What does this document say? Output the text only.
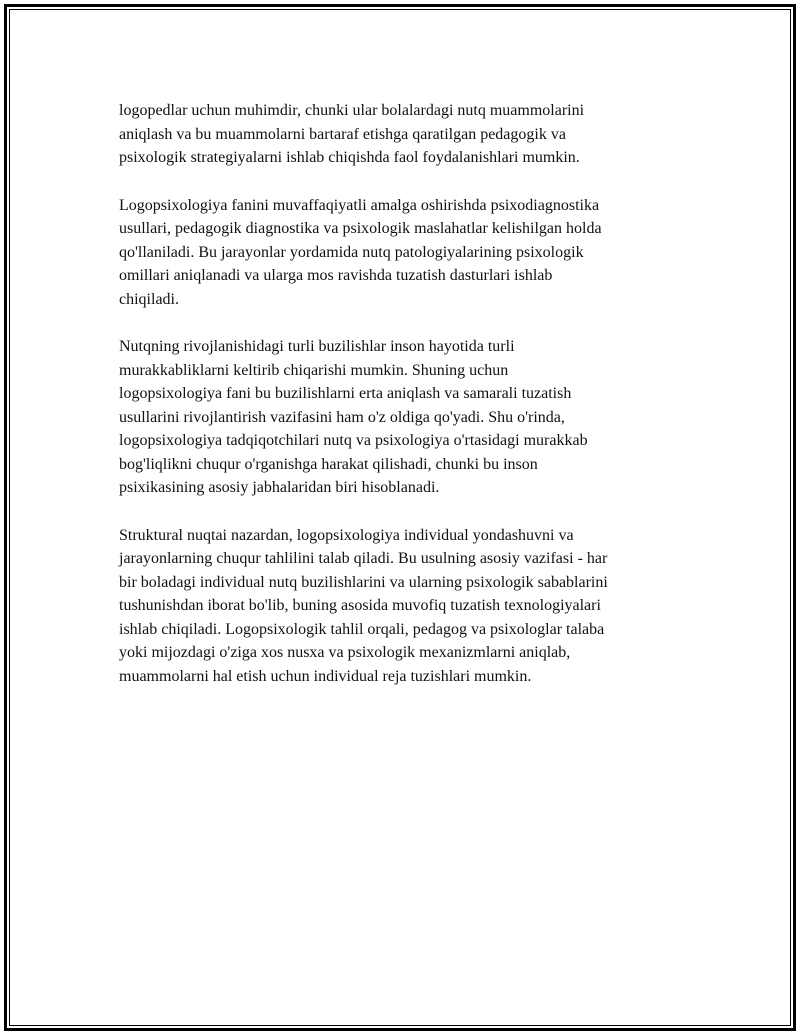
logopedlar uchun muhimdir, chunki ular bolalardagi nutq muammolarini
aniqlash va bu muammolarni bartaraf etishga qaratilgan pedagogik va
psixologik strategiyalarni ishlab chiqishda faol foydalanishlari mumkin.

Logopsixologiya fanini muvaffaqiyatli amalga oshirishda psixodiagnostika
usullari, pedagogik diagnostika va psixologik maslahatlar kelishilgan holda
qo'llaniladi. Bu jarayonlar yordamida nutq patologiyalarining psixologik
omillari aniqlanadi va ularga mos ravishda tuzatish dasturlari ishlab
chiqiladi.

Nutqning rivojlanishidagi turli buzilishlar inson hayotida turli
murakkabliklarni keltirib chiqarishi mumkin. Shuning uchun
logopsixologiya fani bu buzilishlarni erta aniqlash va samarali tuzatish
usullarini rivojlantirish vazifasini ham o'z oldiga qo'yadi. Shu o'rinda,
logopsixologiya tadqiqotchilari nutq va psixologiya o'rtasidagi murakkab
bog'liqlikni chuqur o'rganishga harakat qilishadi, chunki bu inson
psixikasining asosiy jabhalaridan biri hisoblanadi.

Struktural nuqtai nazardan, logopsixologiya individual yondashuvni va
jarayonlarning chuqur tahlilini talab qiladi. Bu usulning asosiy vazifasi - har
bir boladagi individual nutq buzilishlarini va ularning psixologik sabablarini
tushunishdan iborat bo'lib, buning asosida muvofiq tuzatish texnologiyalari
ishlab chiqiladi. Logopsixologik tahlil orqali, pedagog va psixologlar talaba
yoki mijozdagi o'ziga xos nusxa va psixologik mexanizmlarni aniqlab,
muammolarni hal etish uchun individual reja tuzishlari mumkin.
